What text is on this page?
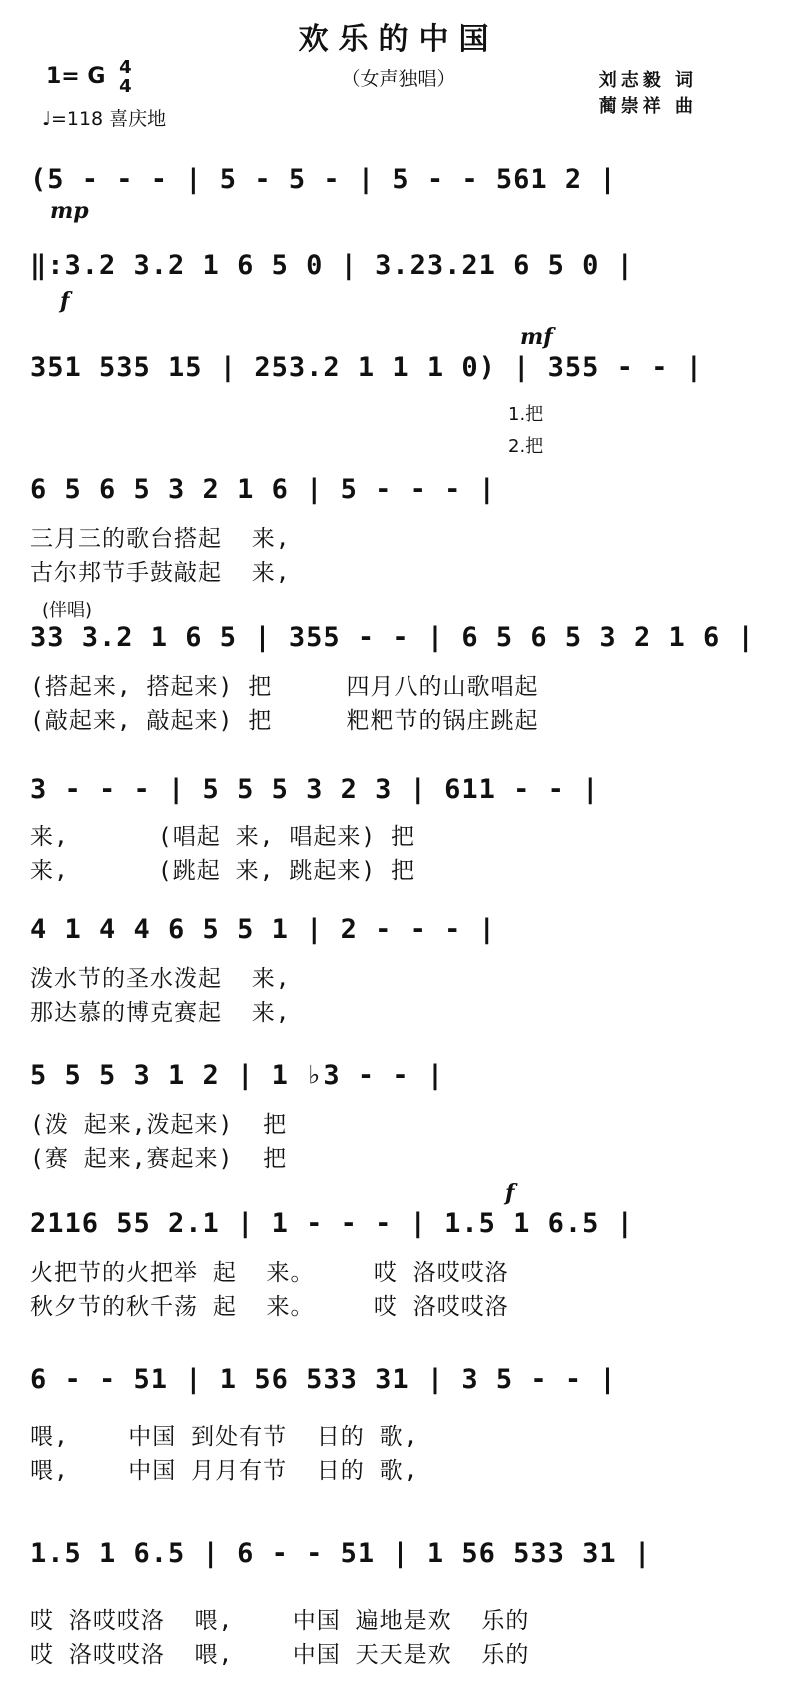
欢乐的中国
（女声独唱）
1= G 4
4
♩=118 喜庆地
刘志毅 词
蔺崇祥 曲
(5 - - - | 5 - 5 - | 5 - - 561 2 |
mp
‖:3.2 3.2 1 6 5 0 | 3.23.21 6 5 0 |
f
mf
351 535 15 | 253.2 1 1 1 0) | 355 - - |
1.把
2.把
6 5 6 5 3 2 1 6 | 5 - - - |
三月三的歌台搭起  来,
古尔邦节手鼓敲起  来,
(伴唱)
33 3.2 1 6 5 | 355 - - | 6 5 6 5 3 2 1 6 |
(搭起来, 搭起来) 把     四月八的山歌唱起
(敲起来, 敲起来) 把     粑粑节的锅庄跳起
3 - - - | 5 5 5 3 2 3 | 611 - - |
来,      (唱起 来, 唱起来) 把
来,      (跳起 来, 跳起来) 把
4 1 4 4 6 5 5 1 | 2 - - - |
泼水节的圣水泼起  来,
那达慕的博克赛起  来,
5 5 5 3 1 2 | 1 ♭3 - - |
(泼 起来,泼起来)  把
(赛 起来,赛起来)  把
f
2116 55 2.1 | 1 - - - | 1.5 1 6.5 |
火把节的火把举 起  来。    哎 洛哎哎洛
秋夕节的秋千荡 起  来。    哎 洛哎哎洛
6 - - 51 | 1 56 533 31 | 3 5 - - |
喂,    中国 到处有节  日的 歌,
喂,    中国 月月有节  日的 歌,
1.5 1 6.5 | 6 - - 51 | 1 56 533 31 |
哎 洛哎哎洛  喂,    中国 遍地是欢  乐的
哎 洛哎哎洛  喂,    中国 天天是欢  乐的
